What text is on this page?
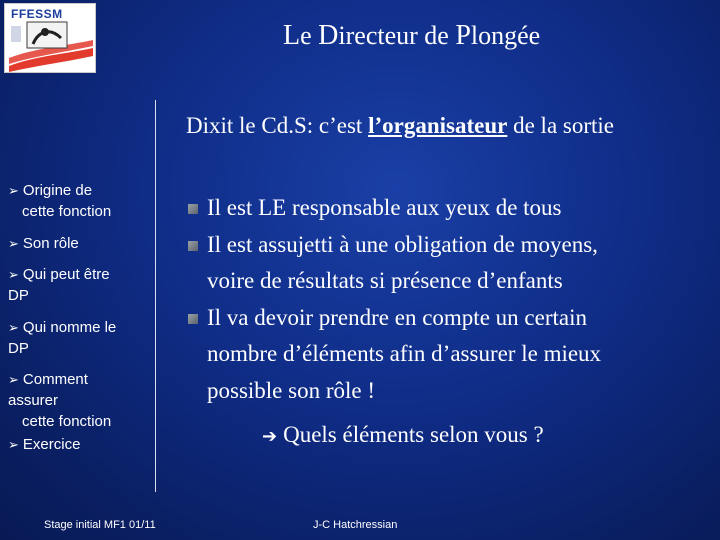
FFESSM
Le Directeur de Plongée
➢ Origine de
cette fonction
➢ Son rôle
➢ Qui peut être
DP
➢ Qui nomme le
DP
➢ Comment
assurer
cette fonction
➢ Exercice
Dixit le Cd.S: c’est l’organisateur de la sortie
Il est LE responsable aux yeux de tous
Il est assujetti à une obligation de moyens,
voire de résultats si présence d’enfants
Il va devoir prendre en compte un certain
nombre d’éléments afin d’assurer le mieux
possible son rôle !
➔ Quels éléments selon vous ?
Stage initial MF1 01/11	J-C Hatchressian
